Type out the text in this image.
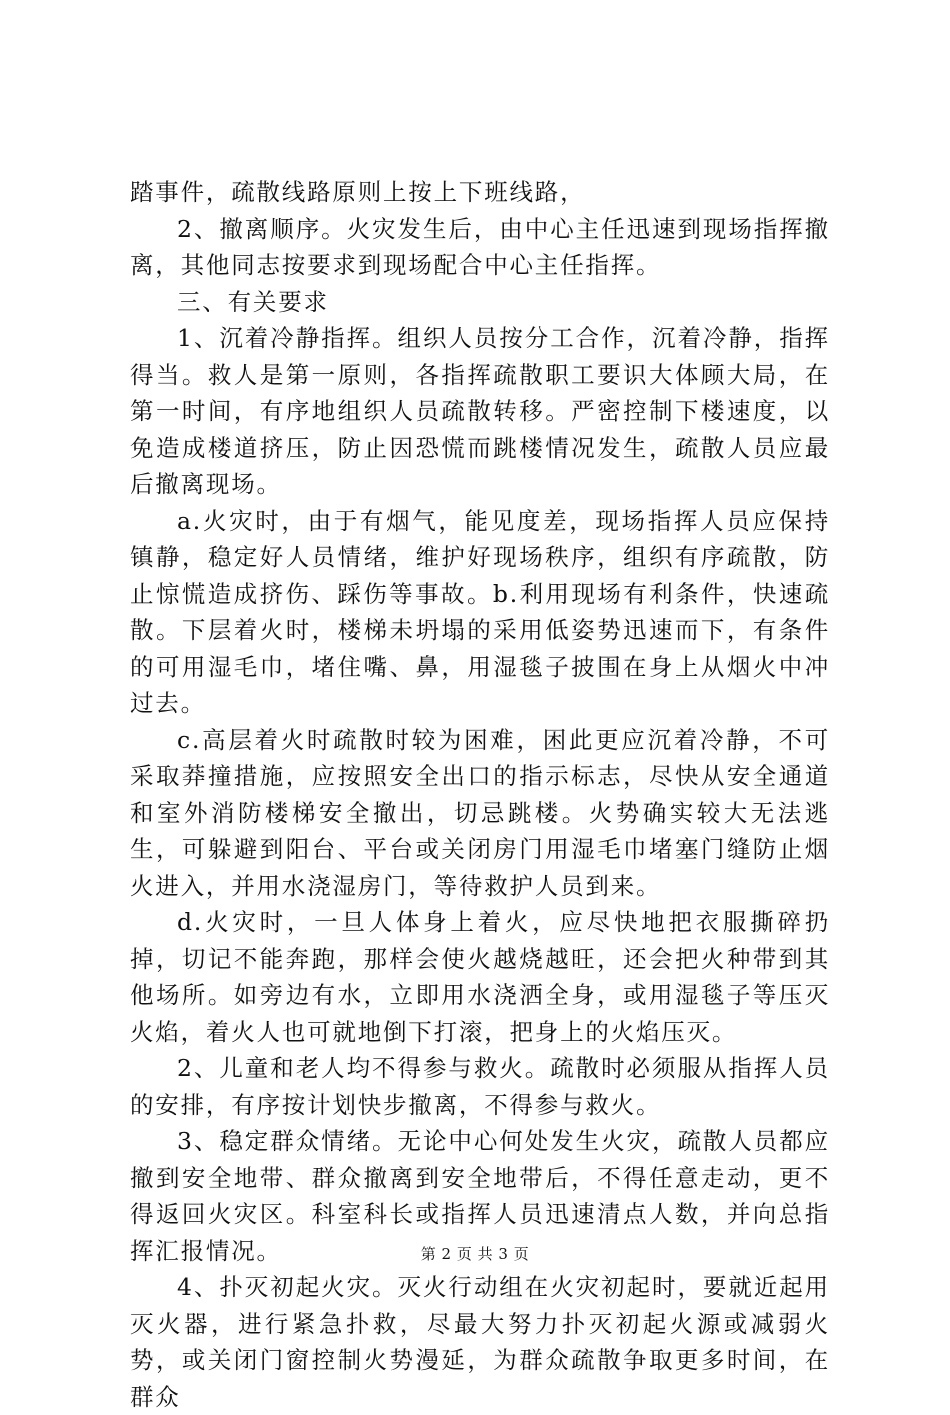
踏事件，疏散线路原则上按上下班线路，

2、撤离顺序。火灾发生后，由中心主任迅速到现场指挥撤离，其他同志按要求到现场配合中心主任指挥。

三、有关要求

1、沉着冷静指挥。组织人员按分工合作，沉着冷静，指挥得当。救人是第一原则，各指挥疏散职工要识大体顾大局，在第一时间，有序地组织人员疏散转移。严密控制下楼速度，以免造成楼道挤压，防止因恐慌而跳楼情况发生，疏散人员应最后撤离现场。

a.火灾时，由于有烟气，能见度差，现场指挥人员应保持镇静，稳定好人员情绪，维护好现场秩序，组织有序疏散，防止惊慌造成挤伤、踩伤等事故。b.利用现场有利条件，快速疏散。下层着火时，楼梯未坍塌的采用低姿势迅速而下，有条件的可用湿毛巾，堵住嘴、鼻，用湿毯子披围在身上从烟火中冲过去。

c.高层着火时疏散时较为困难，困此更应沉着冷静，不可采取莽撞措施，应按照安全出口的指示标志，尽快从安全通道和室外消防楼梯安全撤出，切忌跳楼。火势确实较大无法逃生，可躲避到阳台、平台或关闭房门用湿毛巾堵塞门缝防止烟火进入，并用水浇湿房门，等待救护人员到来。

d.火灾时，一旦人体身上着火，应尽快地把衣服撕碎扔掉，切记不能奔跑，那样会使火越烧越旺，还会把火种带到其他场所。如旁边有水，立即用水浇洒全身，或用湿毯子等压灭火焰，着火人也可就地倒下打滚，把身上的火焰压灭。

2、儿童和老人均不得参与救火。疏散时必须服从指挥人员的安排，有序按计划快步撤离，不得参与救火。

3、稳定群众情绪。无论中心何处发生火灾，疏散人员都应撤到安全地带、群众撤离到安全地带后，不得任意走动，更不得返回火灾区。科室科长或指挥人员迅速清点人数，并向总指挥汇报情况。

4、扑灭初起火灾。灭火行动组在火灾初起时，要就近起用灭火器，进行紧急扑救，尽最大努力扑灭初起火源或减弱火势，或关闭门窗控制火势漫延，为群众疏散争取更多时间，在群众

第 2 页 共 3 页
